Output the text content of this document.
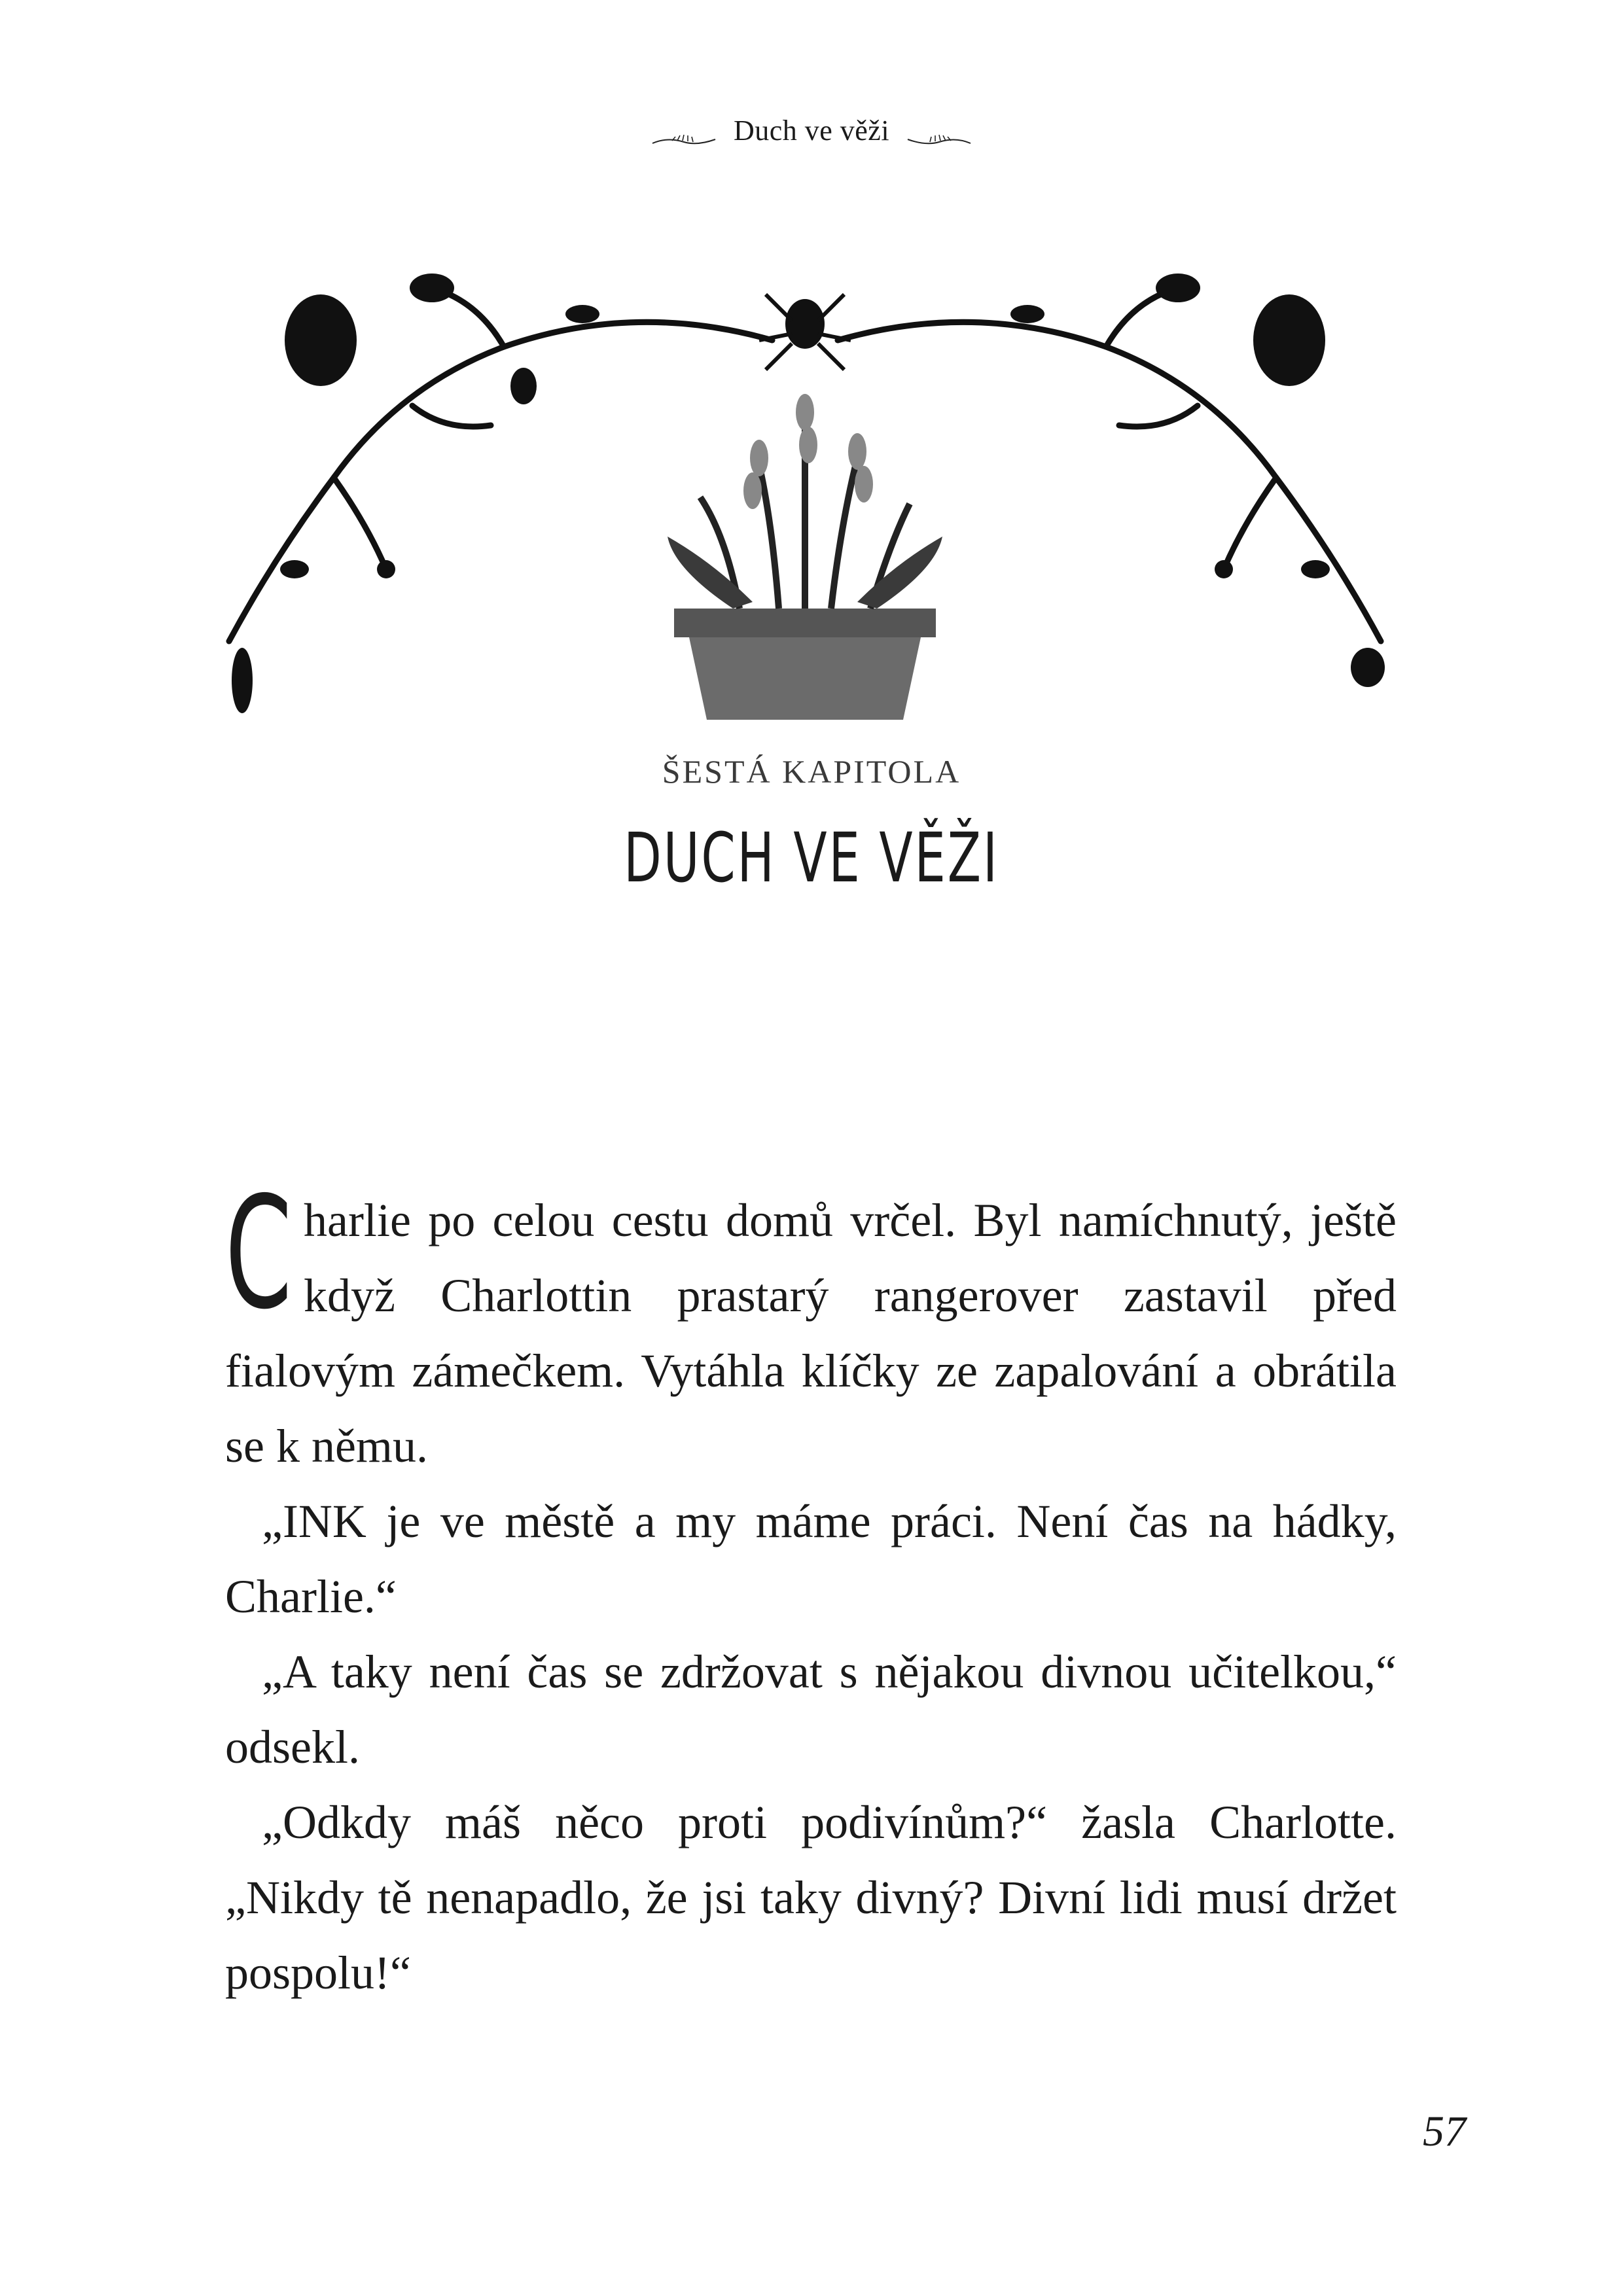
Duch ve věži
ŠESTÁ KAPITOLA
DUCH VE VĚŽI

Charlie po celou cestu domů vrčel. Byl namíchnutý, ještě když Charlottin prastarý rangerover zastavil před fialovým zámečkem. Vytáhla klíčky ze zapalování a obrátila se k němu.

„INK je ve městě a my máme práci. Není čas na hádky, Charlie.“

„A taky není čas se zdržovat s nějakou divnou učitelkou,“ odsekl.

„Odkdy máš něco proti podivínům?“ žasla Charlotte. „Nikdy tě nenapadlo, že jsi taky divný? Divní lidi musí držet pospolu!“

57
